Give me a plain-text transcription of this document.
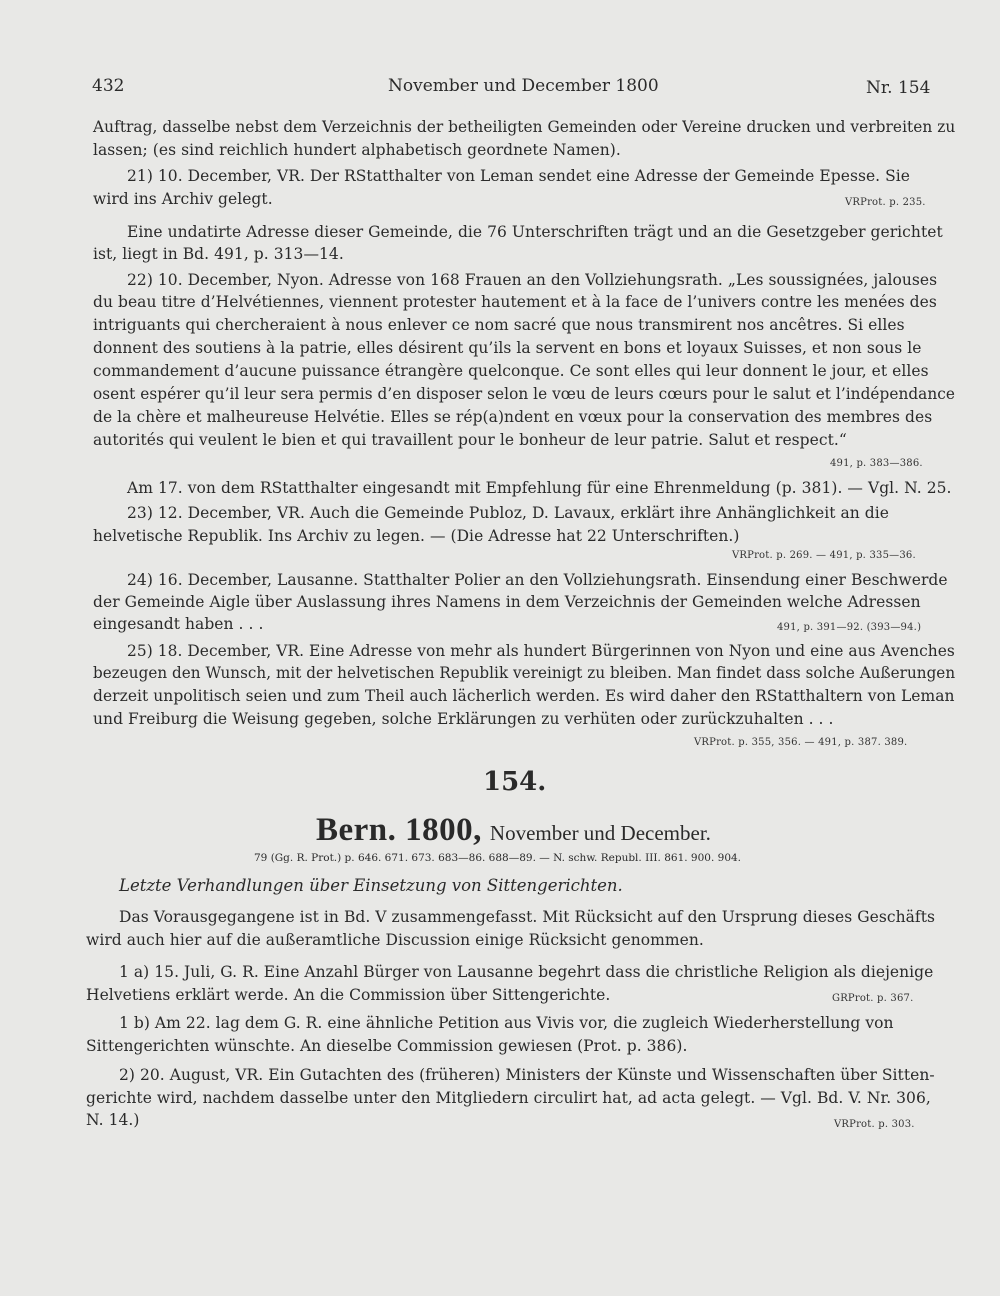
432	November und December 1800	Nr. 154
Auftrag, dasselbe nebst dem Verzeichnis der betheiligten Gemeinden oder Vereine drucken und verbreiten zu
lassen; (es sind reichlich hundert alphabetisch geordnete Namen).
21) 10. December, VR. Der RStatthalter von Leman sendet eine Adresse der Gemeinde Epesse. Sie
wird ins Archiv gelegt.	VRProt. p. 235.
Eine undatirte Adresse dieser Gemeinde, die 76 Unterschriften trägt und an die Gesetzgeber gerichtet
ist, liegt in Bd. 491, p. 313—14.
22) 10. December, Nyon. Adresse von 168 Frauen an den Vollziehungsrath. „Les soussignées, jalouses
du beau titre d’Helvétiennes, viennent protester hautement et à la face de l’univers contre les menées des
intriguants qui chercheraient à nous enlever ce nom sacré que nous transmirent nos ancêtres. Si elles
donnent des soutiens à la patrie, elles désirent qu’ils la servent en bons et loyaux Suisses, et non sous le
commandement d’aucune puissance étrangère quelconque. Ce sont elles qui leur donnent le jour, et elles
osent espérer qu’il leur sera permis d’en disposer selon le vœu de leurs cœurs pour le salut et l’indépendance
de la chère et malheureuse Helvétie. Elles se rép(a)ndent en vœux pour la conservation des membres des
autorités qui veulent le bien et qui travaillent pour le bonheur de leur patrie. Salut et respect.“
491, p. 383—386.
Am 17. von dem RStatthalter eingesandt mit Empfehlung für eine Ehrenmeldung (p. 381). — Vgl. N. 25.
23) 12. December, VR. Auch die Gemeinde Publoz, D. Lavaux, erklärt ihre Anhänglichkeit an die
helvetische Republik. Ins Archiv zu legen. — (Die Adresse hat 22 Unterschriften.)
VRProt. p. 269. — 491, p. 335—36.
24) 16. December, Lausanne. Statthalter Polier an den Vollziehungsrath. Einsendung einer Beschwerde
der Gemeinde Aigle über Auslassung ihres Namens in dem Verzeichnis der Gemeinden welche Adressen
eingesandt haben . . .	491, p. 391—92. (393—94.)
25) 18. December, VR. Eine Adresse von mehr als hundert Bürgerinnen von Nyon und eine aus Avenches
bezeugen den Wunsch, mit der helvetischen Republik vereinigt zu bleiben. Man findet dass solche Außerungen
derzeit unpolitisch seien und zum Theil auch lächerlich werden. Es wird daher den RStatthaltern von Leman
und Freiburg die Weisung gegeben, solche Erklärungen zu verhüten oder zurückzuhalten . . .
VRProt. p. 355, 356. — 491, p. 387. 389.
154.
Bern. 1800, November und December.
79 (Gg. R. Prot.) p. 646. 671. 673. 683—86. 688—89. — N. schw. Republ. III. 861. 900. 904.
Letzte Verhandlungen über Einsetzung von Sittengerichten.
Das Vorausgegangene ist in Bd. V zusammengefasst. Mit Rücksicht auf den Ursprung dieses Geschäfts
wird auch hier auf die außeramtliche Discussion einige Rücksicht genommen.
1 a) 15. Juli, G. R. Eine Anzahl Bürger von Lausanne begehrt dass die christliche Religion als diejenige
Helvetiens erklärt werde. An die Commission über Sittengerichte.	GRProt. p. 367.
1 b) Am 22. lag dem G. R. eine ähnliche Petition aus Vivis vor, die zugleich Wiederherstellung von
Sittengerichten wünschte. An dieselbe Commission gewiesen (Prot. p. 386).
2) 20. August, VR. Ein Gutachten des (früheren) Ministers der Künste und Wissenschaften über Sitten-
gerichte wird, nachdem dasselbe unter den Mitgliedern circulirt hat, ad acta gelegt. — Vgl. Bd. V. Nr. 306,
N. 14.)	VRProt. p. 303.
